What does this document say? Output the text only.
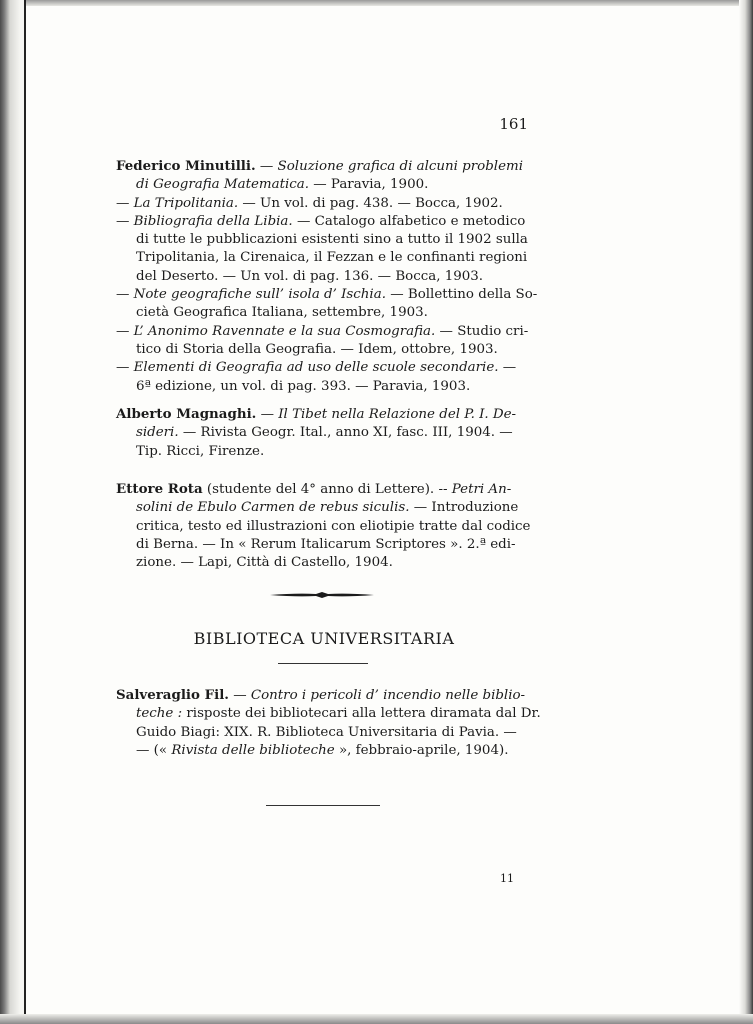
161
Federico Minutilli. — Soluzione grafica di alcuni problemi
di Geografia Matematica. — Paravia, 1900.
— La Tripolitania. — Un vol. di pag. 438. — Bocca, 1902.
— Bibliografia della Libia. — Catalogo alfabetico e metodico
di tutte le pubblicazioni esistenti sino a tutto il 1902 sulla
Tripolitania, la Cirenaica, il Fezzan e le confinanti regioni
del Deserto. — Un vol. di pag. 136. — Bocca, 1903.
— Note geografiche sull’ isola d’ Ischia. — Bollettino della So-
cietà Geografica Italiana, settembre, 1903.
— L’ Anonimo Ravennate e la sua Cosmografia. — Studio cri-
tico di Storia della Geografia. — Idem, ottobre, 1903.
— Elementi di Geografia ad uso delle scuole secondarie. —
6ª edizione, un vol. di pag. 393. — Paravia, 1903.
Alberto Magnaghi. — Il Tibet nella Relazione del P. I. De-
sideri. — Rivista Geogr. Ital., anno XI, fasc. III, 1904. —
Tip. Ricci, Firenze.
Ettore Rota (studente del 4° anno di Lettere). -- Petri An-
solini de Ebulo Carmen de rebus siculis. — Introduzione
critica, testo ed illustrazioni con eliotipie tratte dal codice
di Berna. — In « Rerum Italicarum Scriptores ». 2.ª edi-
zione. — Lapi, Città di Castello, 1904.
BIBLIOTECA UNIVERSITARIA
Salveraglio Fil. — Contro i pericoli d’ incendio nelle biblio-
teche : risposte dei bibliotecari alla lettera diramata dal Dr.
Guido Biagi: XIX. R. Biblioteca Universitaria di Pavia. —
— (« Rivista delle biblioteche », febbraio-aprile, 1904).
11
